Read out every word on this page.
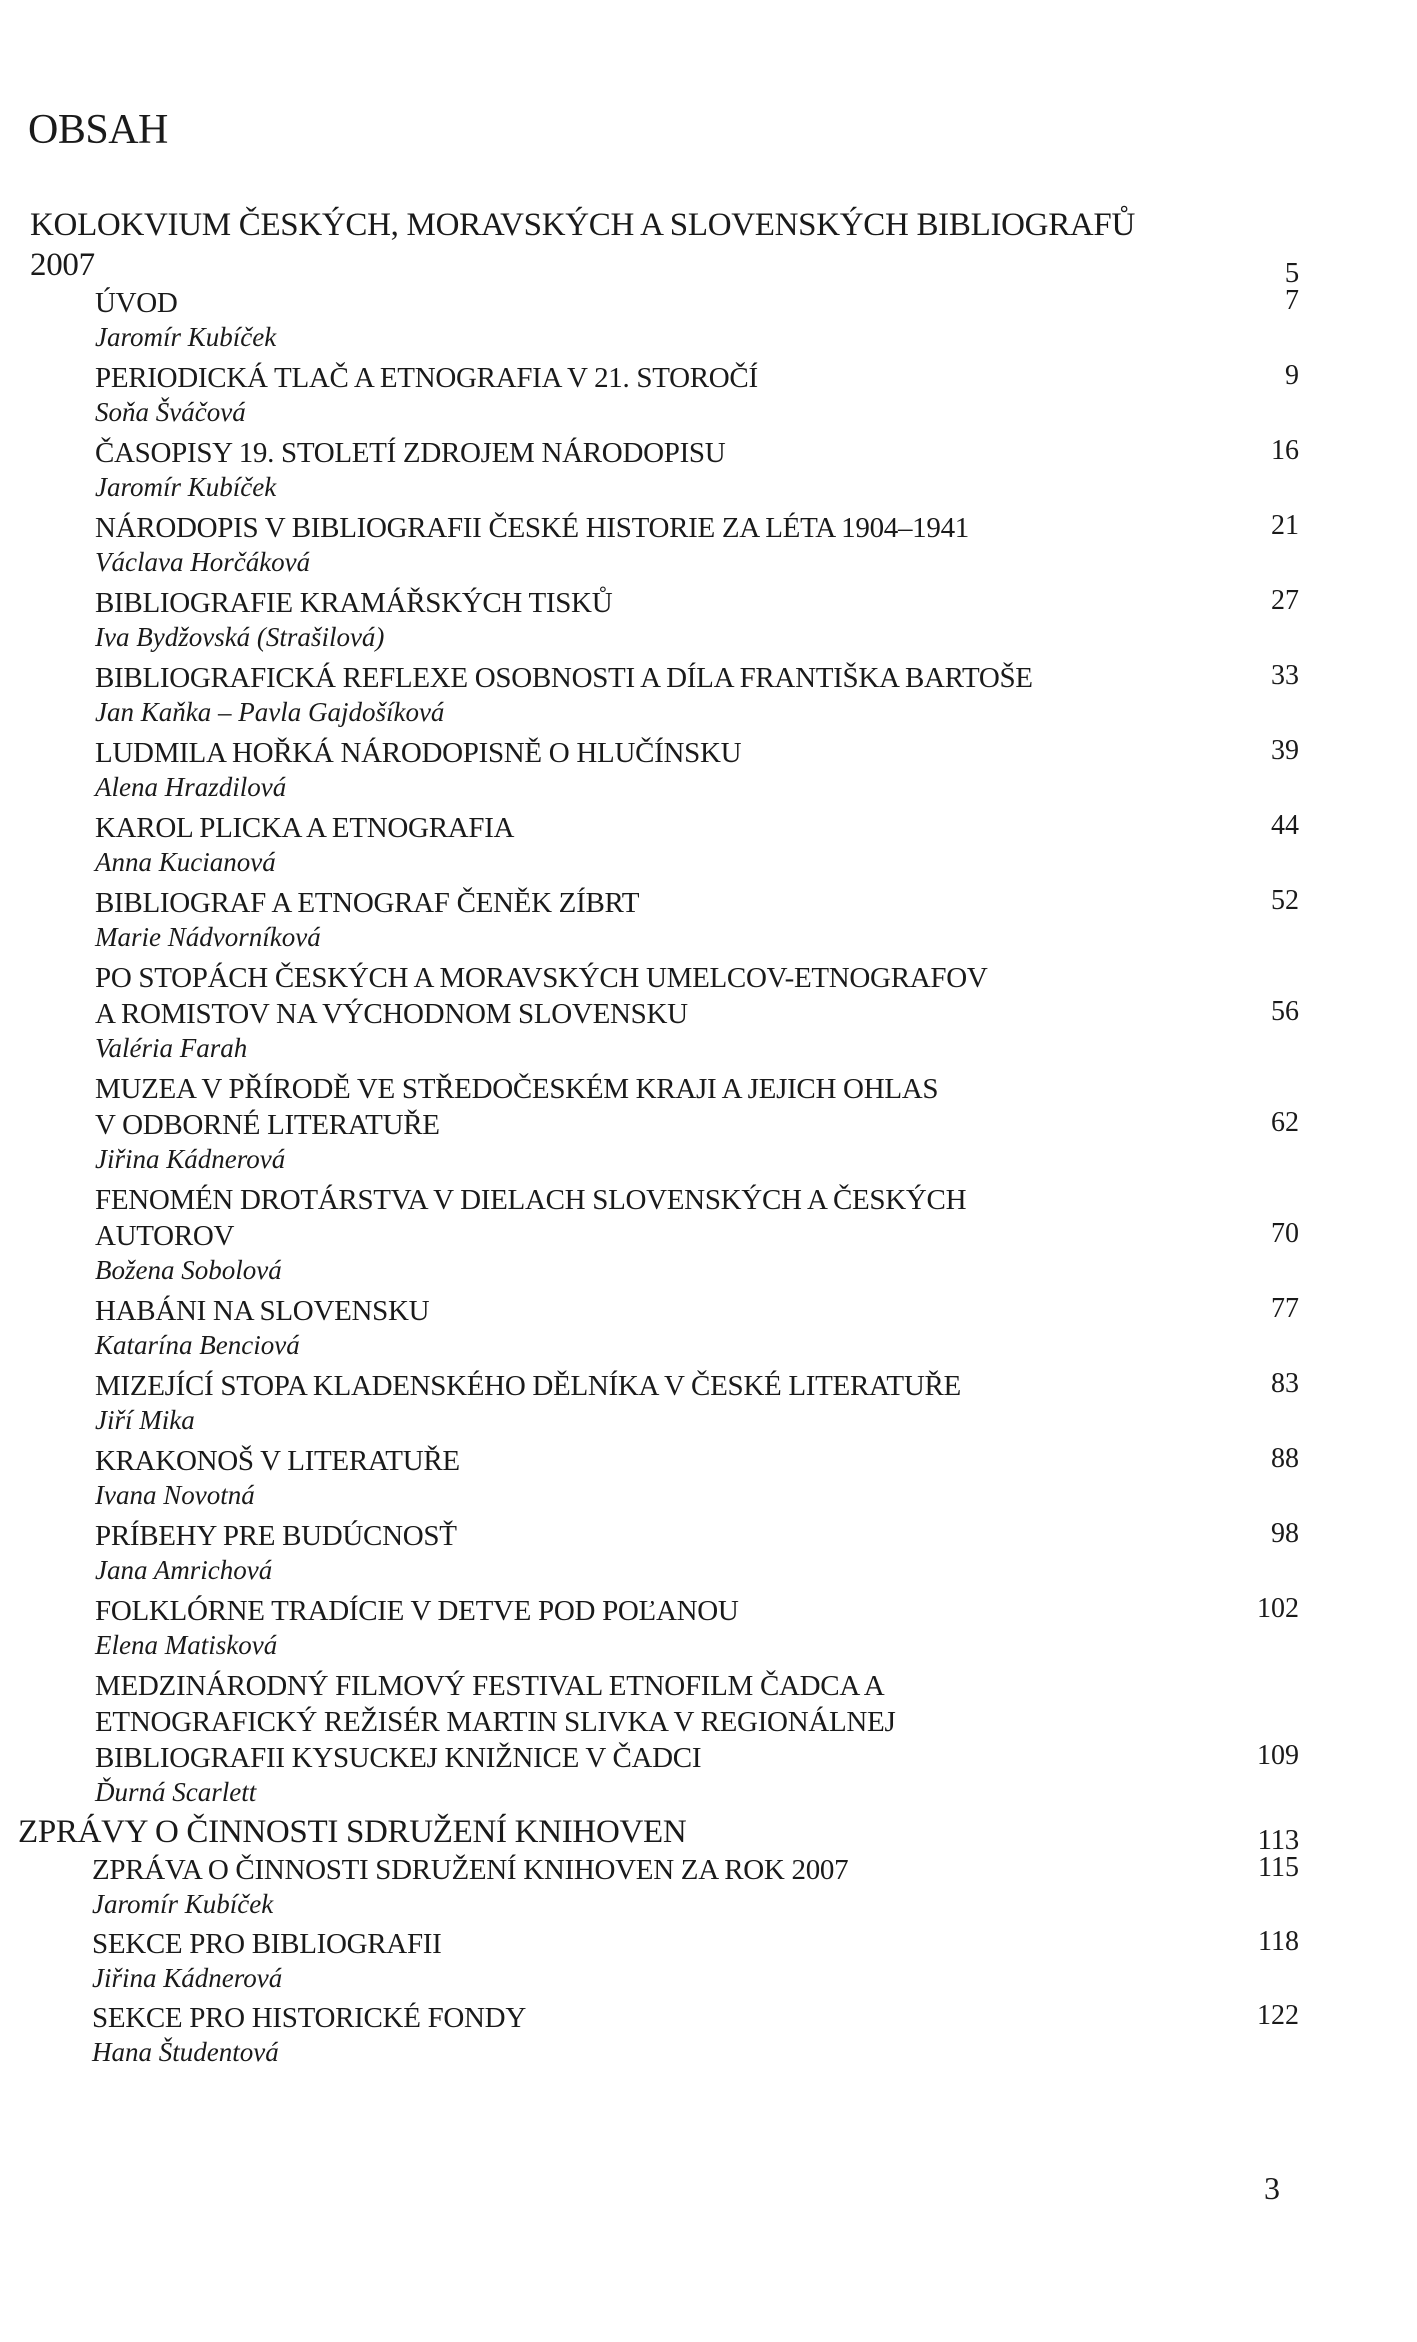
OBSAH
KOLOKVIUM ČESKÝCH, MORAVSKÝCH A SLOVENSKÝCH BIBLIOGRAFŮ
2007	5
ÚVOD
Jaromír Kubíček
7
PERIODICKÁ TLAČ A ETNOGRAFIA V 21. STOROČÍ
Soňa Šváčová
9
ČASOPISY 19. STOLETÍ ZDROJEM NÁRODOPISU
Jaromír Kubíček
16
NÁRODOPIS V BIBLIOGRAFII ČESKÉ HISTORIE ZA LÉTA 1904–1941
Václava Horčáková
21
BIBLIOGRAFIE KRAMÁŘSKÝCH TISKŮ
Iva Bydžovská (Strašilová)
27
BIBLIOGRAFICKÁ REFLEXE OSOBNOSTI A DÍLA FRANTIŠKA BARTOŠE
Jan Kaňka – Pavla Gajdošíková
33
LUDMILA HOŘKÁ NÁRODOPISNĚ O HLUČÍNSKU
Alena Hrazdilová
39
KAROL PLICKA A ETNOGRAFIA
Anna Kucianová
44
BIBLIOGRAF A ETNOGRAF ČENĚK ZÍBRT
Marie Nádvorníková
52
PO STOPÁCH ČESKÝCH A MORAVSKÝCH UMELCOV-ETNOGRAFOV
A ROMISTOV NA VÝCHODNOM SLOVENSKU
Valéria Farah
56
MUZEA V PŘÍRODĚ VE STŘEDOČESKÉM KRAJI A JEJICH OHLAS
V ODBORNÉ LITERATUŘE
Jiřina Kádnerová
62
FENOMÉN DROTÁRSTVA V DIELACH SLOVENSKÝCH A ČESKÝCH
AUTOROV
Božena Sobolová
70
HABÁNI NA SLOVENSKU
Katarína Benciová
77
MIZEJÍCÍ STOPA KLADENSKÉHO DĚLNÍKA V ČESKÉ LITERATUŘE
Jiří Mika
83
KRAKONOŠ V LITERATUŘE
Ivana Novotná
88
PRÍBEHY PRE BUDÚCNOSŤ
Jana Amrichová
98
FOLKLÓRNE TRADÍCIE V DETVE POD POĽANOU
Elena Matisková
102
MEDZINÁRODNÝ FILMOVÝ FESTIVAL ETNOFILM ČADCA A
ETNOGRAFICKÝ REŽISÉR MARTIN SLIVKA V REGIONÁLNEJ
BIBLIOGRAFII KYSUCKEJ KNIŽNICE V ČADCI
Ďurná Scarlett
109
ZPRÁVY O ČINNOSTI SDRUŽENÍ KNIHOVEN	113
ZPRÁVA O ČINNOSTI SDRUŽENÍ KNIHOVEN ZA ROK 2007
Jaromír Kubíček
115
SEKCE PRO BIBLIOGRAFII
Jiřina Kádnerová
118
SEKCE PRO HISTORICKÉ FONDY
Hana Študentová
122
3
